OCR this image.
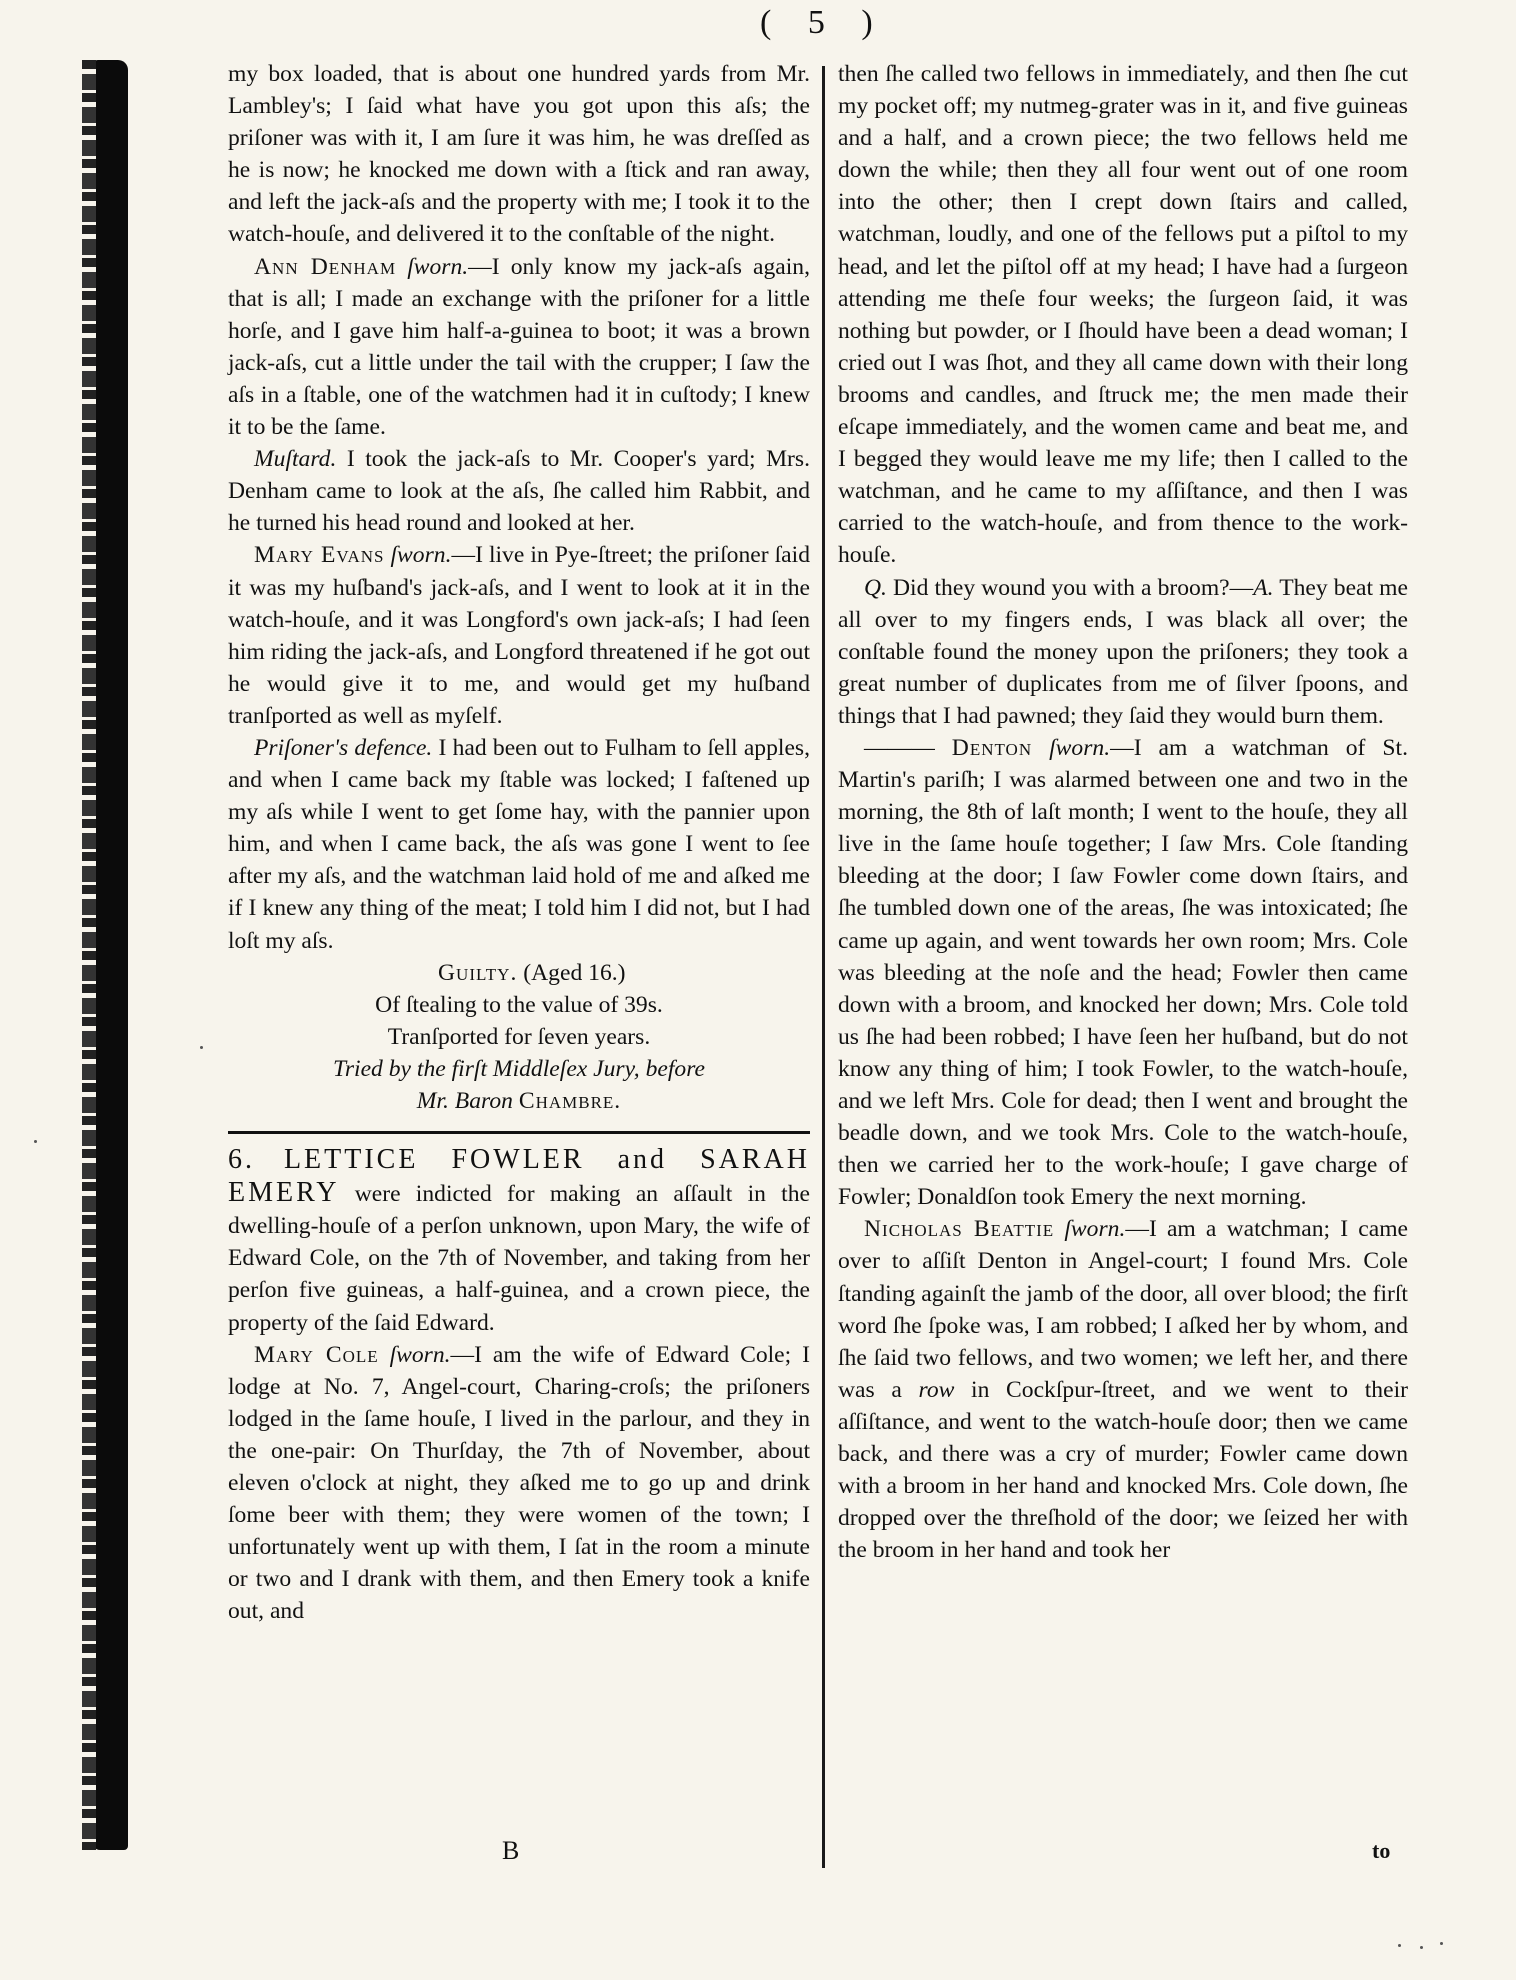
( 5 )

my box loaded, that is about one hundred yards from Mr. Lambley's; I ſaid what have you got upon this aſs; the priſoner was with it, I am ſure it was him, he was dreſſed as he is now; he knocked me down with a ſtick and ran away, and left the jack-aſs and the property with me; I took it to the watch-houſe, and delivered it to the conſtable of the night.

Ann Denham ſworn.—I only know my jack-aſs again, that is all; I made an exchange with the priſoner for a little horſe, and I gave him half-a-guinea to boot; it was a brown jack-aſs, cut a little under the tail with the crupper; I ſaw the aſs in a ſtable, one of the watchmen had it in cuſtody; I knew it to be the ſame.

Muſtard. I took the jack-aſs to Mr. Cooper's yard; Mrs. Denham came to look at the aſs, ſhe called him Rabbit, and he turned his head round and looked at her.

Mary Evans ſworn.—I live in Pye-ſtreet; the priſoner ſaid it was my huſband's jack-aſs, and I went to look at it in the watch-houſe, and it was Longford's own jack-aſs; I had ſeen him riding the jack-aſs, and Longford threatened if he got out he would give it to me, and would get my huſband tranſported as well as myſelf.

Priſoner's defence. I had been out to Fulham to ſell apples, and when I came back my ſtable was locked; I faſtened up my aſs while I went to get ſome hay, with the pannier upon him, and when I came back, the aſs was gone I went to ſee after my aſs, and the watchman laid hold of me and aſked me if I knew any thing of the meat; I told him I did not, but I had loſt my aſs.

Guilty. (Aged 16.)

Of ſtealing to the value of 39s.

Tranſported for ſeven years.

Tried by the firſt Middleſex Jury, before

Mr. Baron Chambre.

6. LETTICE FOWLER and SARAH EMERY were indicted for making an aſſault in the dwelling-houſe of a perſon unknown, upon Mary, the wife of Edward Cole, on the 7th of November, and taking from her perſon five guineas, a half-guinea, and a crown piece, the property of the ſaid Edward.

Mary Cole ſworn.—I am the wife of Edward Cole; I lodge at No. 7, Angel-court, Charing-croſs; the priſoners lodged in the ſame houſe, I lived in the parlour, and they in the one-pair: On Thurſday, the 7th of November, about eleven o'clock at night, they aſked me to go up and drink ſome beer with them; they were women of the town; I unfortunately went up with them, I ſat in the room a minute or two and I drank with them, and then Emery took a knife out, and

then ſhe called two fellows in immediately, and then ſhe cut my pocket off; my nutmeg-grater was in it, and five guineas and a half, and a crown piece; the two fellows held me down the while; then they all four went out of one room into the other; then I crept down ſtairs and called, watchman, loudly, and one of the fellows put a piſtol to my head, and let the piſtol off at my head; I have had a ſurgeon attending me theſe four weeks; the ſurgeon ſaid, it was nothing but powder, or I ſhould have been a dead woman; I cried out I was ſhot, and they all came down with their long brooms and candles, and ſtruck me; the men made their eſcape immediately, and the women came and beat me, and I begged they would leave me my life; then I called to the watchman, and he came to my aſſiſtance, and then I was carried to the watch-houſe, and from thence to the work-houſe.

Q. Did they wound you with a broom?—A. They beat me all over to my fingers ends, I was black all over; the conſtable found the money upon the priſoners; they took a great number of duplicates from me of ſilver ſpoons, and things that I had pawned; they ſaid they would burn them.

——— Denton ſworn.—I am a watchman of St. Martin's pariſh; I was alarmed between one and two in the morning, the 8th of laſt month; I went to the houſe, they all live in the ſame houſe together; I ſaw Mrs. Cole ſtanding bleeding at the door; I ſaw Fowler come down ſtairs, and ſhe tumbled down one of the areas, ſhe was intoxicated; ſhe came up again, and went towards her own room; Mrs. Cole was bleeding at the noſe and the head; Fowler then came down with a broom, and knocked her down; Mrs. Cole told us ſhe had been robbed; I have ſeen her huſband, but do not know any thing of him; I took Fowler, to the watch-houſe, and we left Mrs. Cole for dead; then I went and brought the beadle down, and we took Mrs. Cole to the watch-houſe, then we carried her to the work-houſe; I gave charge of Fowler; Donaldſon took Emery the next morning.

Nicholas Beattie ſworn.—I am a watchman; I came over to aſſiſt Denton in Angel-court; I found Mrs. Cole ſtanding againſt the jamb of the door, all over blood; the firſt word ſhe ſpoke was, I am robbed; I aſked her by whom, and ſhe ſaid two fellows, and two women; we left her, and there was a row in Cockſpur-ſtreet, and we went to their aſſiſtance, and went to the watch-houſe door; then we came back, and there was a cry of murder; Fowler came down with a broom in her hand and knocked Mrs. Cole down, ſhe dropped over the threſhold of the door; we ſeized her with the broom in her hand and took her

B	to
